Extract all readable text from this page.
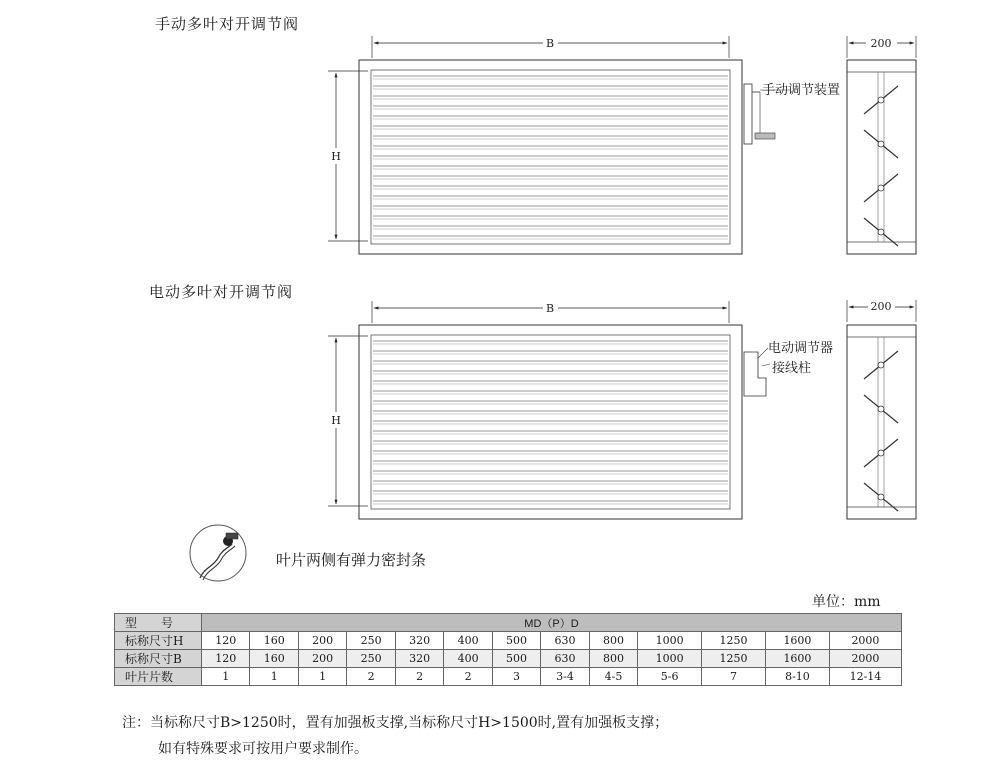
手动多叶对开调节阀
电动多叶对开调节阀
B
H
200
B
H
200
手动调节装置
电动调节器
接线柱
叶片两侧有弹力密封条
单位：mm
型　　号	MD（P）D												
标称尺寸H	120	160	200	250	320	400	500	630	800	1000	1250	1600	2000
标称尺寸B	120	160	200	250	320	400	500	630	800	1000	1250	1600	2000
叶片片数	1	1	1	2	2	2	3	3-4	4-5	5-6	7	8-10	12-14
注：当标称尺寸B>1250时，置有加强板支撑,当标称尺寸H>1500时,置有加强板支撑；
如有特殊要求可按用户要求制作。
